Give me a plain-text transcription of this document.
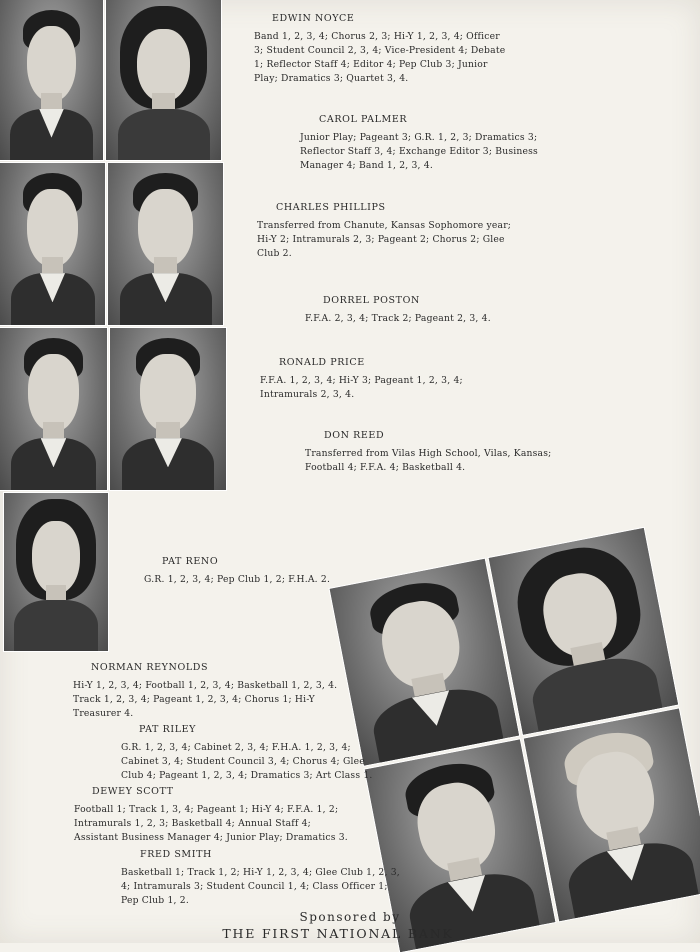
EDWIN NOYCE
Band 1, 2, 3, 4; Chorus 2, 3; Hi-Y 1, 2, 3, 4; Officer 3; Student Council 2, 3, 4; Vice-President 4; Debate 1; Reflector Staff 4; Editor 4; Pep Club 3; Junior Play; Dramatics 3; Quartet 3, 4.
CAROL PALMER
Junior Play; Pageant 3; G.R. 1, 2, 3; Dramatics 3; Reflector Staff 3, 4; Exchange Editor 3; Business Manager 4; Band 1, 2, 3, 4.
CHARLES PHILLIPS
Transferred from Chanute, Kansas Sophomore year; Hi-Y 2; Intramurals 2, 3; Pageant 2; Chorus 2; Glee Club 2.
DORREL POSTON
F.F.A. 2, 3, 4; Track 2; Pageant 2, 3, 4.
RONALD PRICE
F.F.A. 1, 2, 3, 4; Hi-Y 3; Pageant 1, 2, 3, 4; Intramurals 2, 3, 4.
DON REED
Transferred from Vilas High School, Vilas, Kansas; Football 4; F.F.A. 4; Basketball 4.
PAT RENO
G.R. 1, 2, 3, 4; Pep Club 1, 2; F.H.A. 2.
NORMAN REYNOLDS
Hi-Y 1, 2, 3, 4; Football 1, 2, 3, 4; Basketball 1, 2, 3, 4. Track 1, 2, 3, 4; Pageant 1, 2, 3, 4; Chorus 1; Hi-Y Treasurer 4.
PAT RILEY
G.R. 1, 2, 3, 4; Cabinet 2, 3, 4; F.H.A. 1, 2, 3, 4; Cabinet 3, 4; Student Council 3, 4; Chorus 4; Glee Club 4; Pageant 1, 2, 3, 4; Dramatics 3; Art Class 1.
DEWEY SCOTT
Football 1; Track 1, 3, 4; Pageant 1; Hi-Y 4; F.F.A. 1, 2; Intramurals 1, 2, 3; Basketball 4; Annual Staff 4; Assistant Business Manager 4; Junior Play; Dramatics 3.
FRED SMITH
Basketball 1; Track 1, 2; Hi-Y 1, 2, 3, 4; Glee Club 1, 2, 3, 4; Intramurals 3; Student Council 1, 4; Class Officer 1; Pep Club 1, 2.
Sponsored by
THE FIRST NATIONAL BANK
